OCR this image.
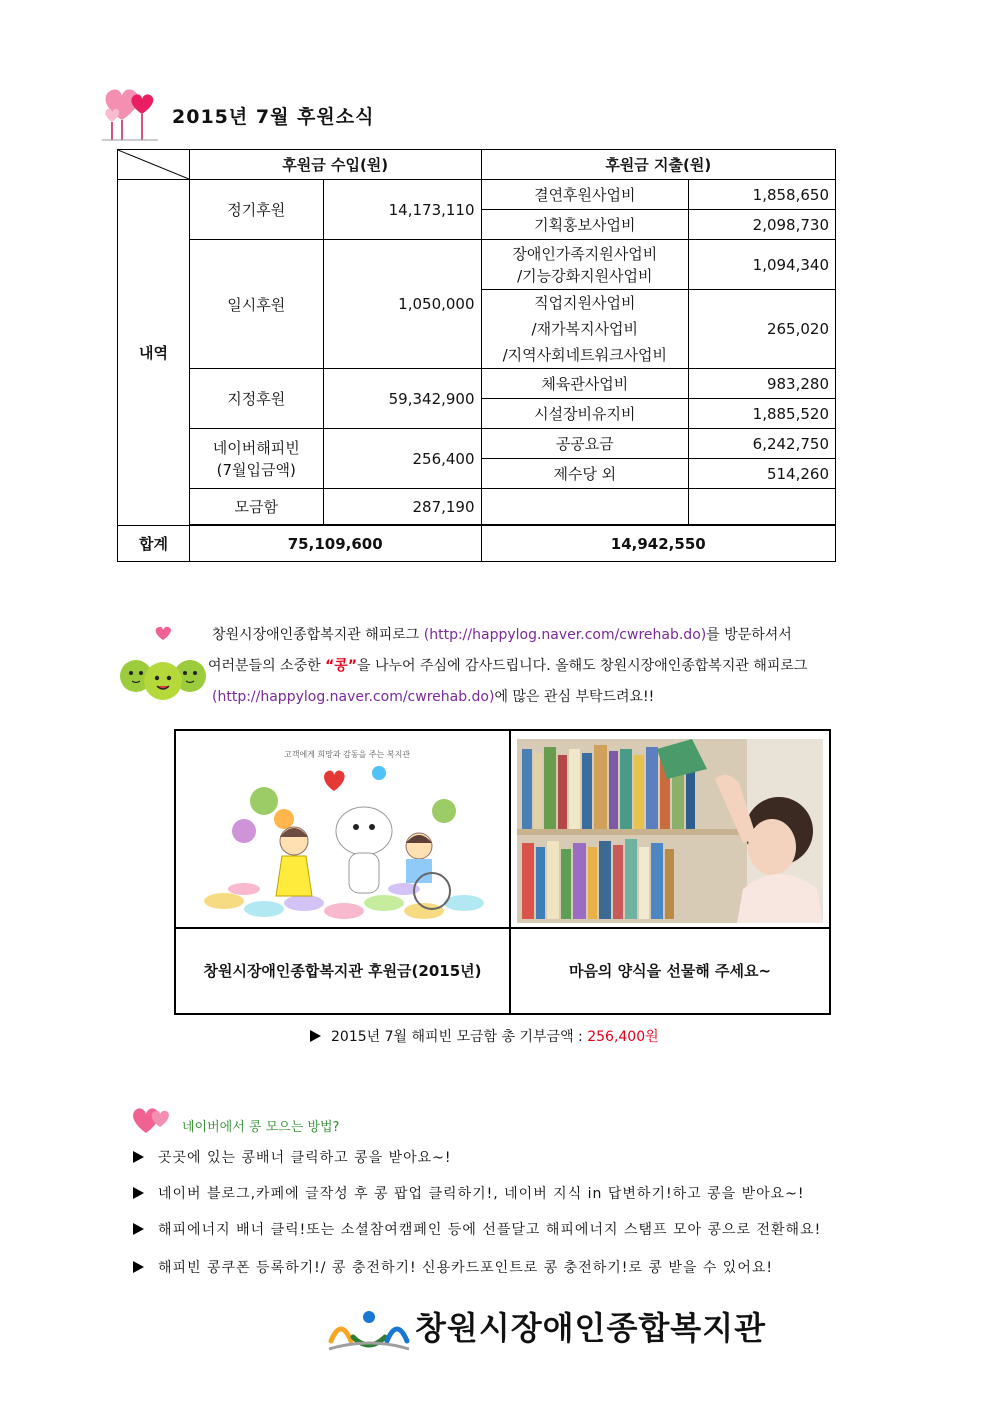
2015년 7월 후원소식
	후원금 수입(원)		후원금 지출(원)	
내역	정기후원	14,173,110	결연후원사업비	1,858,650
			기획홍보사업비	2,098,730
	일시후원	1,050,000	장애인가족지원사업비
/기능강화지원사업비	1,094,340

			직업지원사업비
/재가복지사업비
/지역사회네트워크사업비	265,020
	지정후원	59,342,900	체육관사업비	983,280
			시설장비유지비	1,885,520

	네이버해피빈
(7월입금액)	256,400	공공요금	6,242,750
			제수당 외	514,260
	모금함	287,190		

합계	75,109,600		14,942,550	
창원시장애인종합복지관 해피로그 (http://happylog.naver.com/cwrehab.do)를 방문하셔서
여러분들의 소중한 “콩”을 나누어 주심에 감사드립니다. 올해도 창원시장애인종합복지관 해피로그
(http://happylog.naver.com/cwrehab.do)에 많은 관심 부탁드려요!!
고객에게 희망과 감동을 주는 복지관
창원시장애인종합복지관 후원금(2015년)	마음의 양식을 선물해 주세요~
2015년 7월 해피빈 모금함 총 기부금액 : 256,400원
네이버에서 콩 모으는 방법?
곳곳에 있는 콩배너 클릭하고 콩을 받아요~!
네이버 블로그,카페에 글작성 후 콩 팝업 클릭하기!, 네이버 지식 in 답변하기!하고 콩을 받아요~!
해피에너지 배너 클릭!또는 소셜참여캠페인 등에 선플달고 해피에너지 스탬프 모아 콩으로 전환해요!
해피빈 콩쿠폰 등록하기!/ 콩 충전하기! 신용카드포인트로 콩 충전하기!로 콩 받을 수 있어요!
창원시장애인종합복지관
